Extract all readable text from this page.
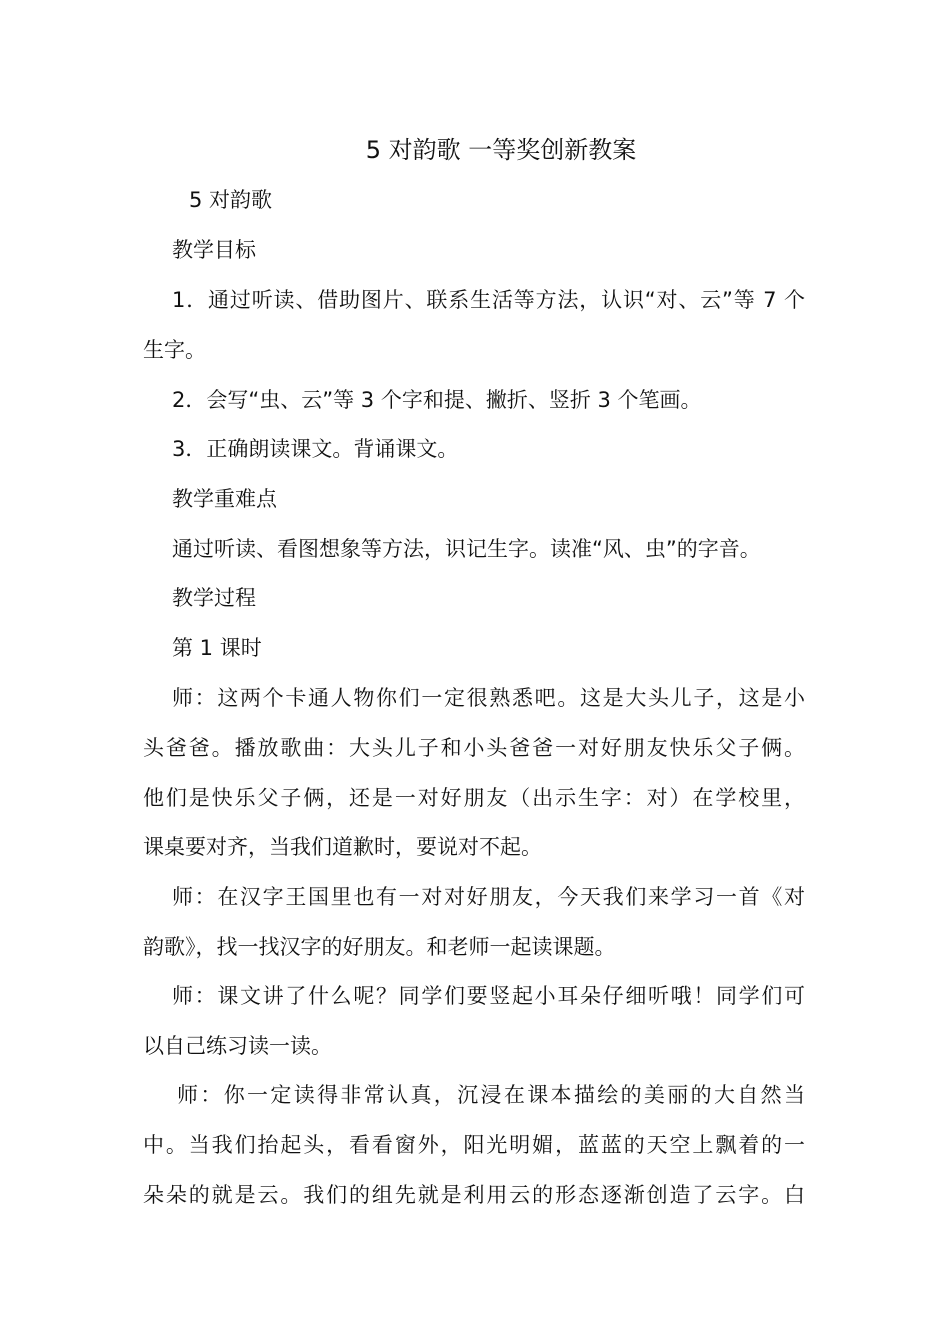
5 对韵歌 一等奖创新教案
5 对韵歌
教学目标
1．通过听读、借助图片、联系生活等方法，认识“对、云”等 7 个
生字。
2．会写“虫、云”等 3 个字和提、撇折、竖折 3 个笔画。
3．正确朗读课文。背诵课文。
教学重难点
通过听读、看图想象等方法，识记生字。读准“风、虫”的字音。
教学过程
第 1 课时
师：这两个卡通人物你们一定很熟悉吧。这是大头儿子，这是小
头爸爸。播放歌曲：大头儿子和小头爸爸一对好朋友快乐父子俩。
他们是快乐父子俩，还是一对好朋友（出示生字：对）在学校里，
课桌要对齐，当我们道歉时，要说对不起。
师：在汉字王国里也有一对对好朋友，今天我们来学习一首《对
韵歌》，找一找汉字的好朋友。和老师一起读课题。
师：课文讲了什么呢？同学们要竖起小耳朵仔细听哦！同学们可
以自己练习读一读。
师：你一定读得非常认真，沉浸在课本描绘的美丽的大自然当
中。当我们抬起头，看看窗外，阳光明媚，蓝蓝的天空上飘着的一
朵朵的就是云。我们的组先就是利用云的形态逐渐创造了云字。白
